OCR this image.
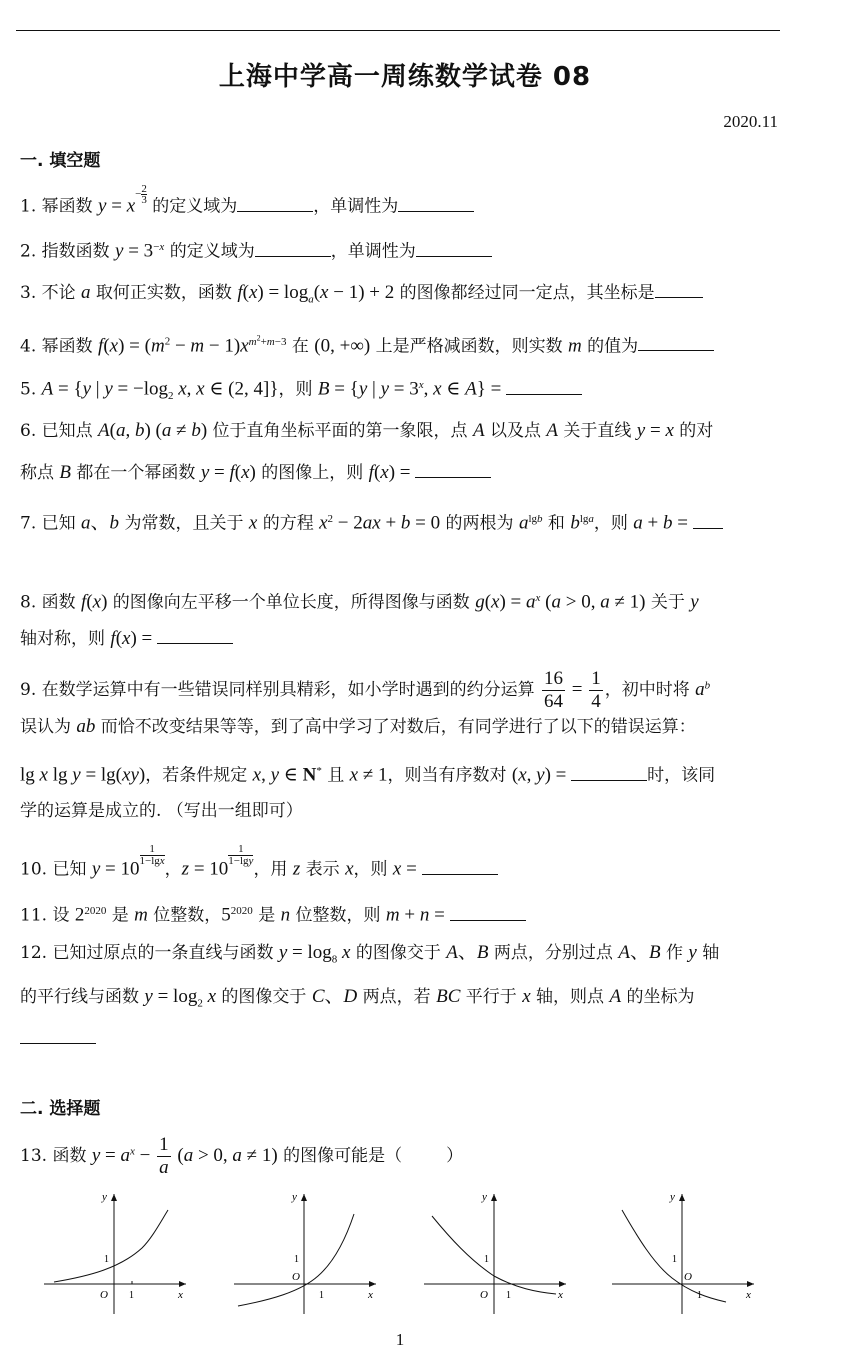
上海中学高一周练数学试卷 08
2020.11
一. 填空题
1. 幂函数 $y = x^{- \frac{2}{3}}$
的定义域为	，单调性为
2. 指数函数 $y = 3^{-x}$ 的定义域为	，单调性为
3. 不论 a 取何正实数，函数 $f(x) = \log_a(x - 1) + 2$ 的图像都经过同一定点，其坐标是
4. 幂函数 $f(x) = (m^2 - m - 1)x^{m^2+m-3}$ 在 (0, +∞) 上是严格减函数，则实数 m 的值为
5. A = {y | $y = -\log_2$ x, x ∈ (2, 4]}，则 B = {y | $y = 3^x$, x ∈ A} =
6. 已知点 A(a, b) (a ≠ b) 位于直角坐标平面的第一象限，点 A 以及点 A 关于直线 y = x 的对
称点 B 都在一个幂函数 y = f(x) 的图像上，则 f(x) =
7. 已知 a、b 为常数，且关于 x 的方程 $x^2 - 2ax + b = 0$ 的两根为 $a^{lgb}$ 和 $b^{lga}$，则 a + b =
8. 函数 f(x) 的图像向左平移一个单位长度，所得图像与函数 $g(x) = a^x$ (a > 0, a ≠ 1) 关于 y
轴对称，则 f(x) =
9. 在数学运算中有一些错误同样别具精彩，如小学时遇到的约分运算 $\frac{16}{64} = \frac{1}{4}$ ，初中时将 $a^b$
误认为 ab 而恰不改变结果等等，到了高中学习了对数后，有同学进行了以下的错误运算：
lg x lg y = lg(xy)，若条件规定 x, y ∈ N* 且 x ≠ 1，则当有序数对 (x, y) =	时，该同
学的运算是成立的. （写出一组即可）
10. 已知 y = 10
$^{\frac{1}{1-\lg x}}$
，z = 10
$^{\frac{1}{1-\lg y}}$
，用 z 表示 x，则 x =
11. 设 $2^{2020}$ 是 m 位整数，$5^{2020}$ 是 n 位整数，则 m + n =
12. 已知过原点的一条直线与函数 $y = \log_8 x$ 的图像交于 A、B 两点，分别过点 A、B 作 y 轴
的平行线与函数 $y = \log_2 x$ 的图像交于 C、D 两点，若 BC 平行于 x 轴，则点 A 的坐标为
二. 选择题
13. 函数 $y = a^x - \frac{1}{a} (a > 0$, a ≠ 1) 的图像可能是（	）
y
x
O 1
1
y
x
O
1
1
y
x
O 1
1
y
x
O
1
1
1
